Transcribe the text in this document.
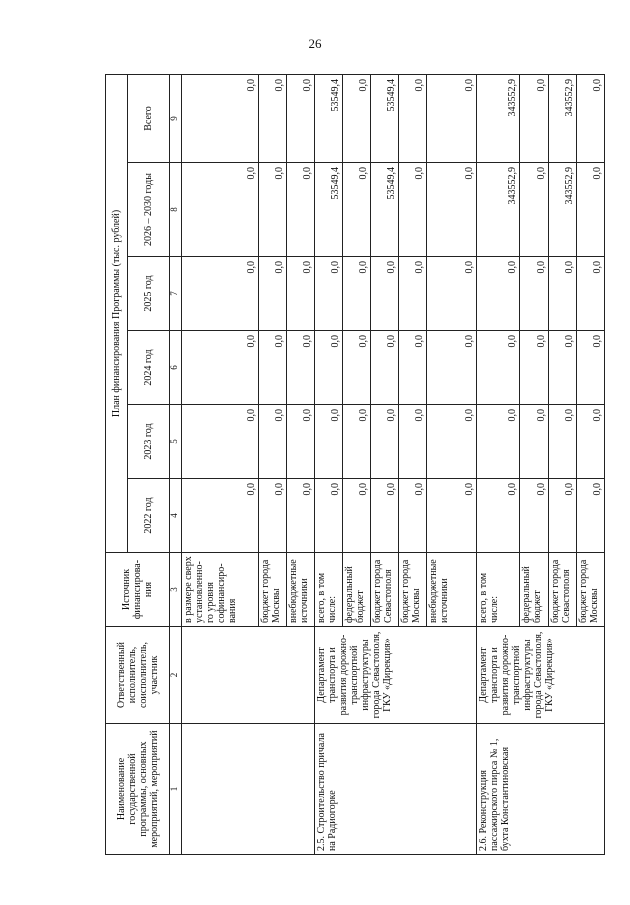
26
Наименование государственной программы, основных мероприятий, мероприятий	Ответственный исполнитель, соисполнитель, участник	Источник финансирова-ния	План финансирования Программы (тыс. рублей)					
			2022 год	2023 год	2024 год	2025 год	2026 – 2030 годы	Всего
1	2	3	4	5	6	7	8	9
		в размере сверх установленно-го уровня софинансиро-вания	0,0	0,0	0,0	0,0	0,0	0,0
		бюджет города Москвы	0,0	0,0	0,0	0,0	0,0	0,0
		внебюджетные источники	0,0	0,0	0,0	0,0	0,0	0,0
2.5. Строительство причала на Радиогорке	Департамент транспорта и развития дорожно-транспортной инфраструктуры города Севастополя, ГКУ «Дирекция»	всего, в том числе:	0,0	0,0	0,0	0,0	53549,4	53549,4
		федеральный бюджет	0,0	0,0	0,0	0,0	0,0	0,0
		бюджет города Севастополя	0,0	0,0	0,0	0,0	53549,4	53549,4
		бюджет города Москвы	0,0	0,0	0,0	0,0	0,0	0,0
		внебюджетные источники	0,0	0,0	0,0	0,0	0,0	0,0
2.6. Реконструкция пассажирского пирса № 1, бухта Константиновская	Департамент транспорта и развития дорожно-транспортной инфраструктуры города Севастополя, ГКУ «Дирекция»	всего, в том числе:	0,0	0,0	0,0	0,0	343552,9	343552,9
		федеральный бюджет	0,0	0,0	0,0	0,0	0,0	0,0
		бюджет города Севастополя	0,0	0,0	0,0	0,0	343552,9	343552,9
		бюджет города Москвы	0,0	0,0	0,0	0,0	0,0	0,0
